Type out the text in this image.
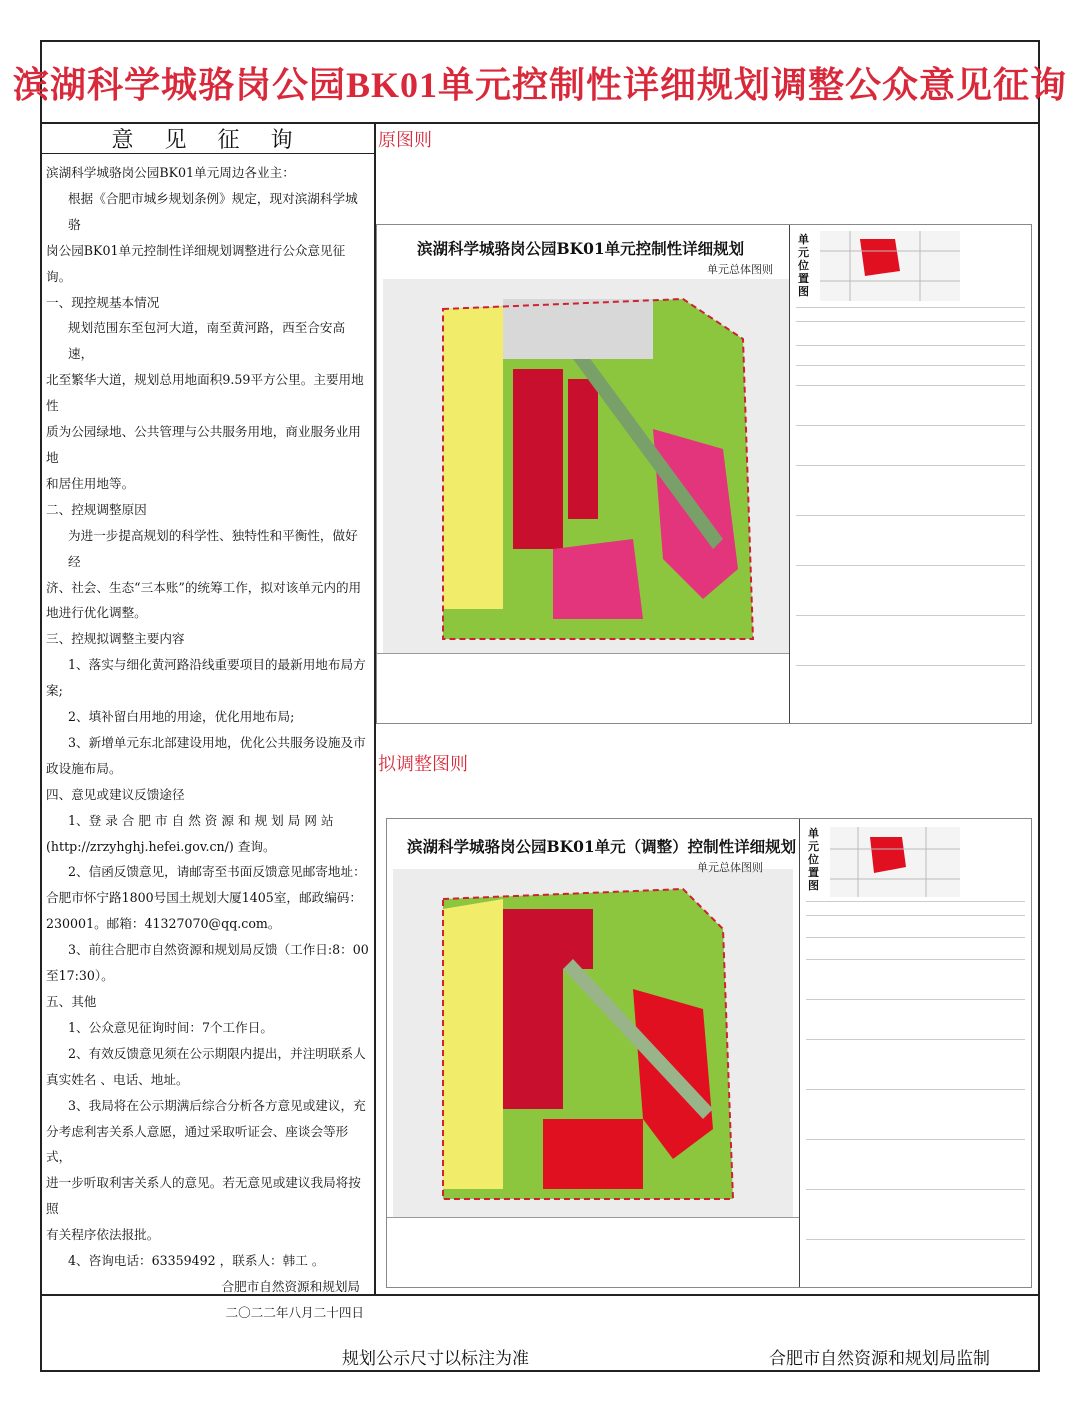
滨湖科学城骆岗公园BK01单元控制性详细规划调整公众意见征询
意 见 征 询

滨湖科学城骆岗公园BK01单元周边各业主：

根据《合肥市城乡规划条例》规定，现对滨湖科学城骆

岗公园BK01单元控制性详细规划调整进行公众意见征询。

一、现控规基本情况

规划范围东至包河大道，南至黄河路，西至合安高速，

北至繁华大道，规划总用地面积9.59平方公里。主要用地性

质为公园绿地、公共管理与公共服务用地，商业服务业用地

和居住用地等。

二、控规调整原因

为进一步提高规划的科学性、独特性和平衡性，做好经

济、社会、生态“三本账”的统筹工作，拟对该单元内的用

地进行优化调整。

三、控规拟调整主要内容

1、落实与细化黄河路沿线重要项目的最新用地布局方

案;

2、填补留白用地的用途，优化用地布局;

3、新增单元东北部建设用地，优化公共服务设施及市

政设施布局。

四、意见或建议反馈途径

1、登 录 合 肥 市 自 然 资 源 和 规 划 局 网 站

(http://zrzyhghj.hefei.gov.cn/) 查询。

2、信函反馈意见，请邮寄至书面反馈意见邮寄地址：

合肥市怀宁路1800号国土规划大厦1405室，邮政编码：

230001。邮箱：41327070@qq.com。

3、前往合肥市自然资源和规划局反馈（工作日:8：00

至17:30）。

五、其他

1、公众意见征询时间：7个工作日。

2、有效反馈意见须在公示期限内提出，并注明联系人

真实姓名 、电话、地址。

3、我局将在公示期满后综合分析各方意见或建议，充

分考虑利害关系人意愿，通过采取听证会、座谈会等形式，

进一步听取利害关系人的意见。若无意见或建议我局将按照

有关程序依法报批。

4、咨询电话：63359492 ，联系人：韩工 。

合肥市自然资源和规划局

二〇二二年八月二十四日

原图则
滨湖科学城骆岗公园BK01单元控制性详细规划
单元总体图则
单元位置图
拟调整图则
滨湖科学城骆岗公园BK01单元（调整）控制性详细规划
单元总体图则
单元位置图
规划公示尺寸以标注为准	合肥市自然资源和规划局监制
